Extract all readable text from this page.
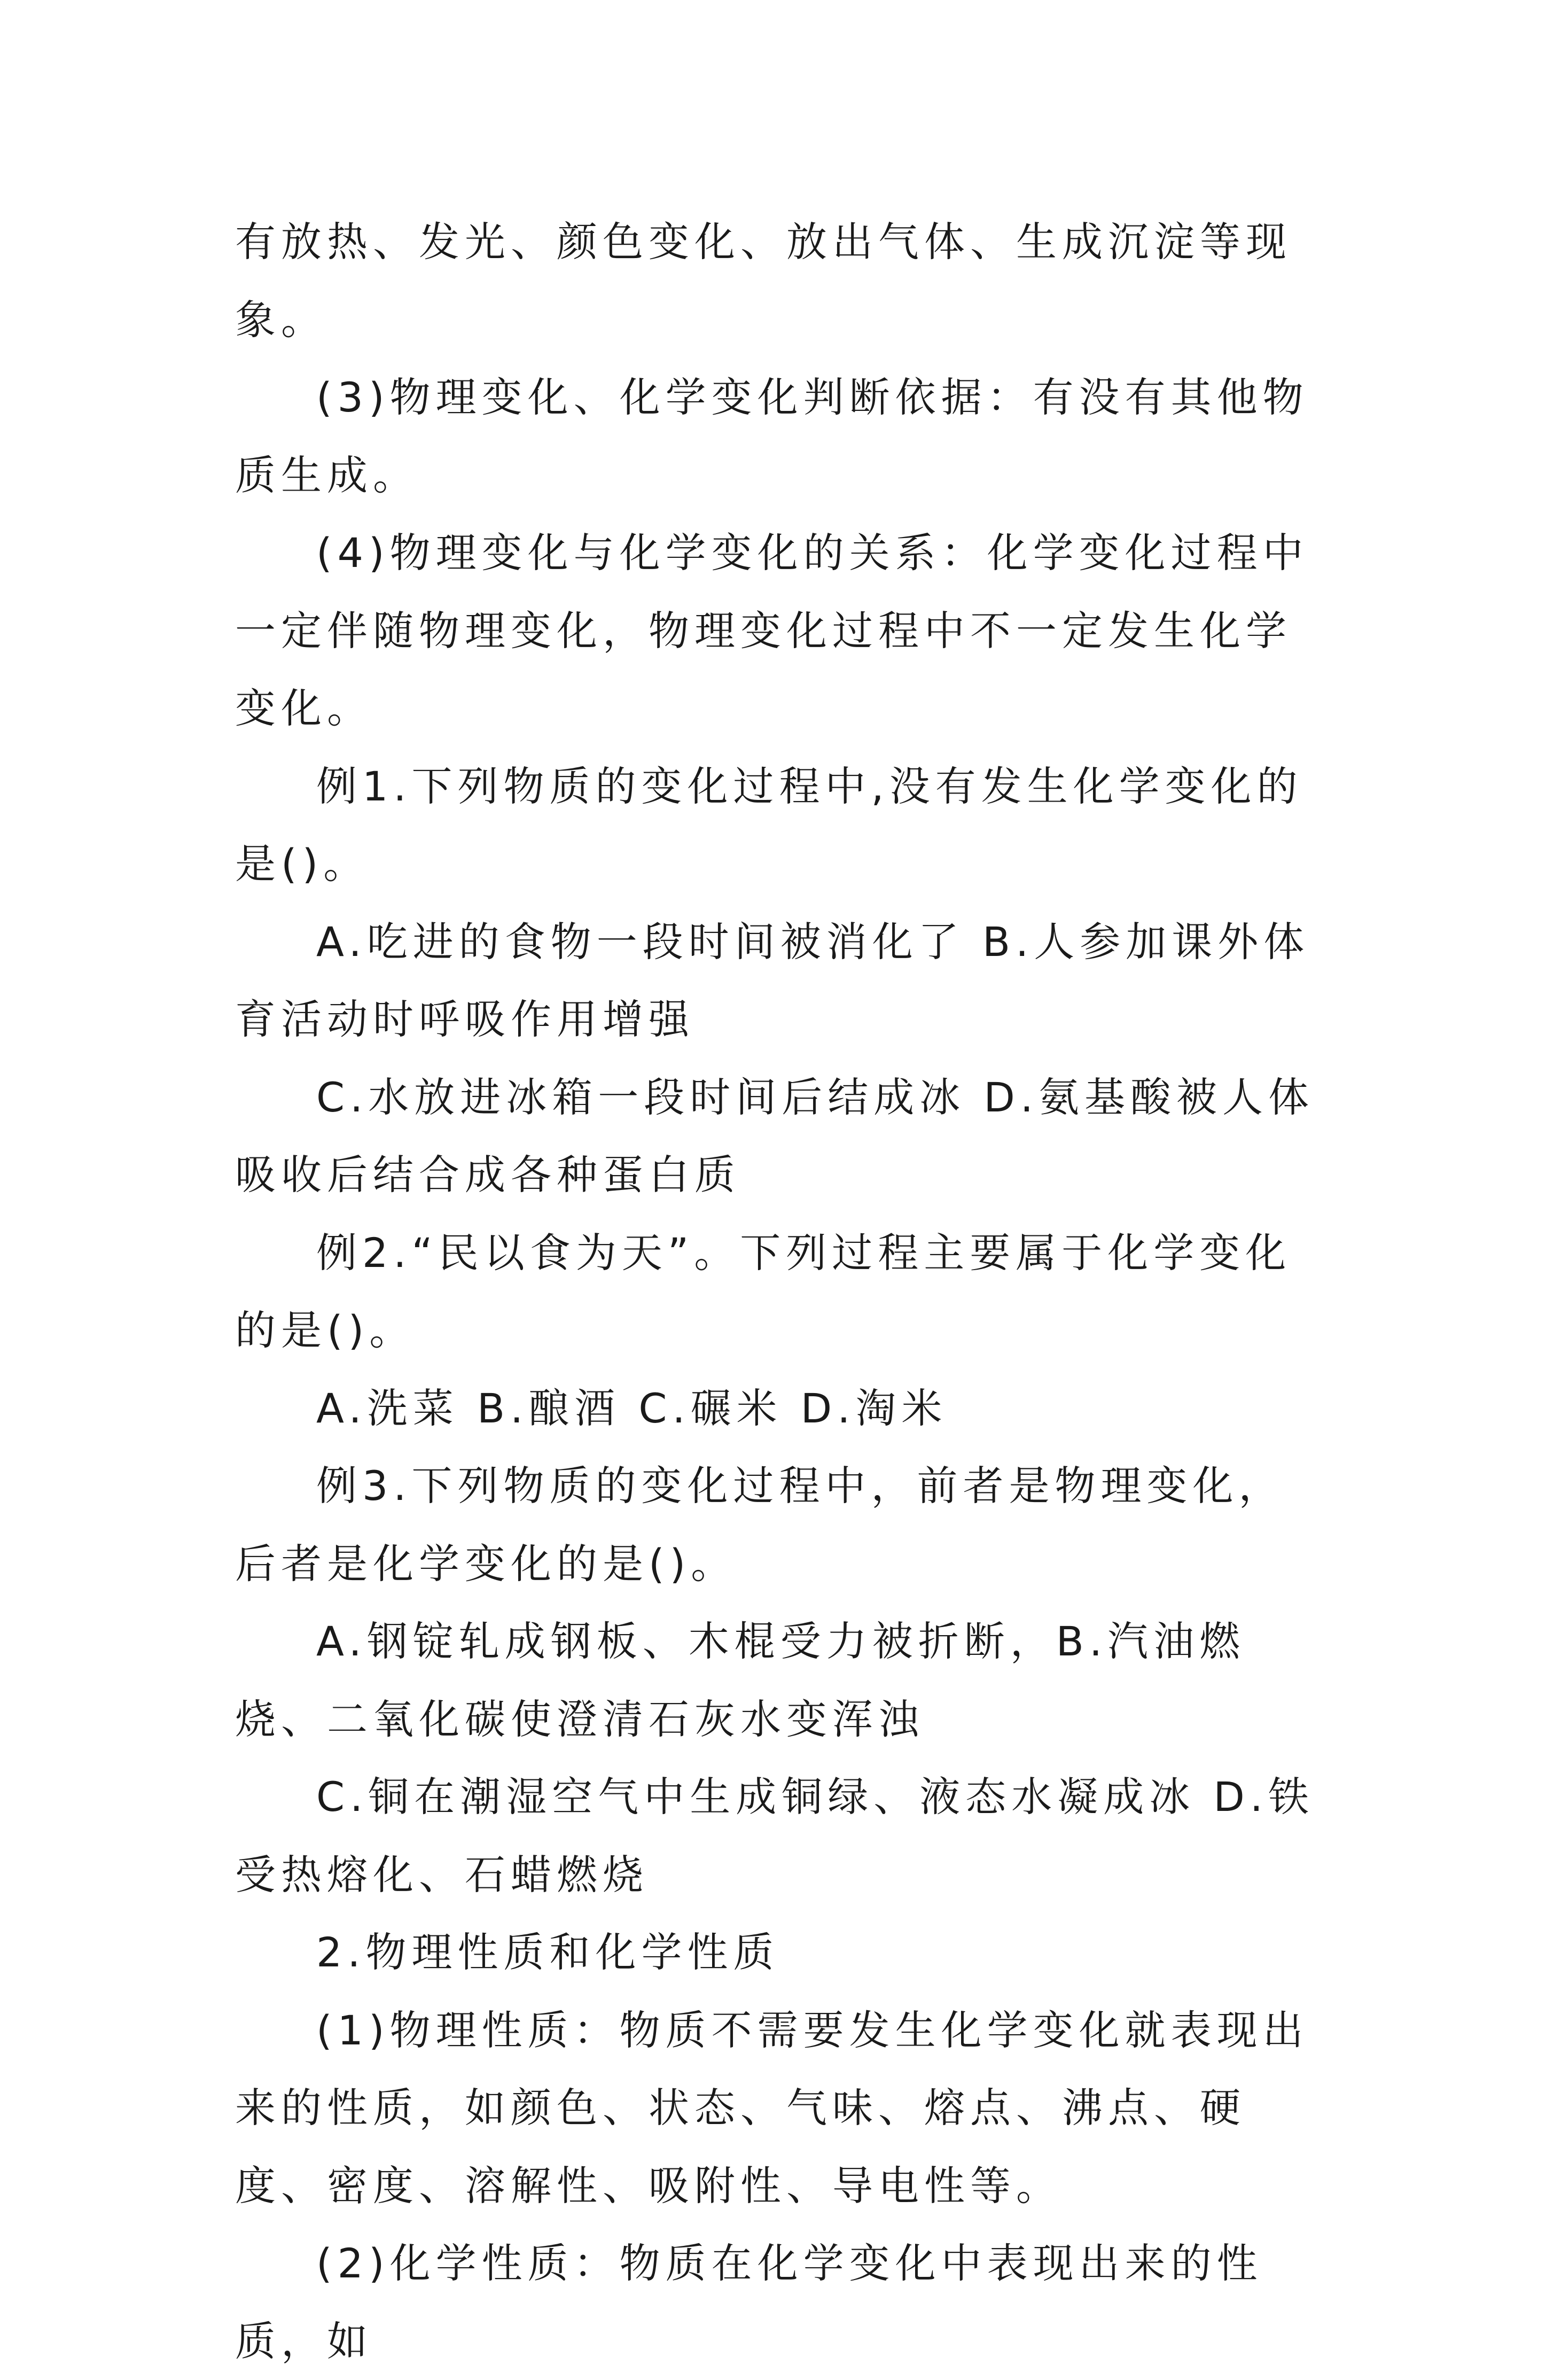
有放热、发光、颜色变化、放出气体、生成沉淀等现象。

(3)物理变化、化学变化判断依据：有没有其他物质生成。

(4)物理变化与化学变化的关系：化学变化过程中一定伴随物理变化，物理变化过程中不一定发生化学变化。

例1.下列物质的变化过程中,没有发生化学变化的是()。

A.吃进的食物一段时间被消化了 B.人参加课外体育活动时呼吸作用增强

C.水放进冰箱一段时间后结成冰 D.氨基酸被人体吸收后结合成各种蛋白质

例2.“民以食为天”。下列过程主要属于化学变化的是()。

A.洗菜 B.酿酒 C.碾米 D.淘米

例3.下列物质的变化过程中，前者是物理变化，后者是化学变化的是()。

A.钢锭轧成钢板、木棍受力被折断，B.汽油燃烧、二氧化碳使澄清石灰水变浑浊

C.铜在潮湿空气中生成铜绿、液态水凝成冰 D.铁受热熔化、石蜡燃烧

2.物理性质和化学性质

(1)物理性质：物质不需要发生化学变化就表现出来的性质，如颜色、状态、气味、熔点、沸点、硬度、密度、溶解性、吸附性、导电性等。

(2)化学性质：物质在化学变化中表现出来的性质，如
